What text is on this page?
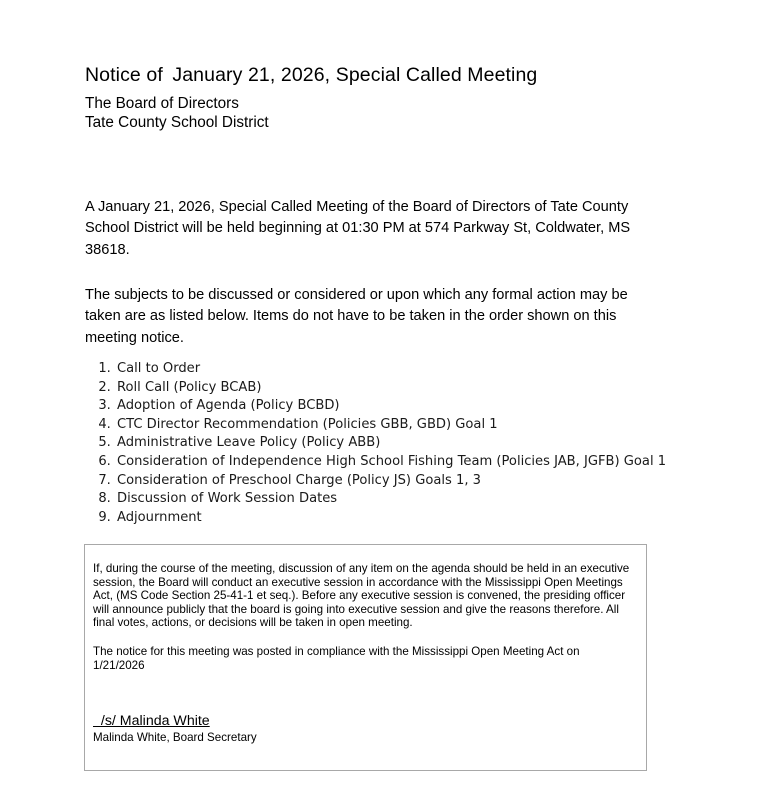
Notice of January 21, 2026, Special Called Meeting
The Board of Directors
Tate County School District

A January 21, 2026, Special Called Meeting of the Board of Directors of Tate County School District will be held beginning at 01:30 PM at 574 Parkway St, Coldwater, MS 38618.

The subjects to be discussed or considered or upon which any formal action may be taken are as listed below. Items do not have to be taken in the order shown on this meeting notice.

1. Call to Order
2. Roll Call (Policy BCAB)
3. Adoption of Agenda (Policy BCBD)
4. CTC Director Recommendation (Policies GBB, GBD) Goal 1
5. Administrative Leave Policy (Policy ABB)
6. Consideration of Independence High School Fishing Team (Policies JAB, JGFB) Goal 1
7. Consideration of Preschool Charge (Policy JS) Goals 1, 3
8. Discussion of Work Session Dates
9. Adjournment

If, during the course of the meeting, discussion of any item on the agenda should be held in an executive session, the Board will conduct an executive session in accordance with the Mississippi Open Meetings Act, (MS Code Section 25-41-1 et seq.). Before any executive session is convened, the presiding officer will announce publicly that the board is going into executive session and give the reasons therefore. All final votes, actions, or decisions will be taken in open meeting.

The notice for this meeting was posted in compliance with the Mississippi Open Meeting Act on 1/21/2026

/s/ Malinda White
Malinda White, Board Secretary
